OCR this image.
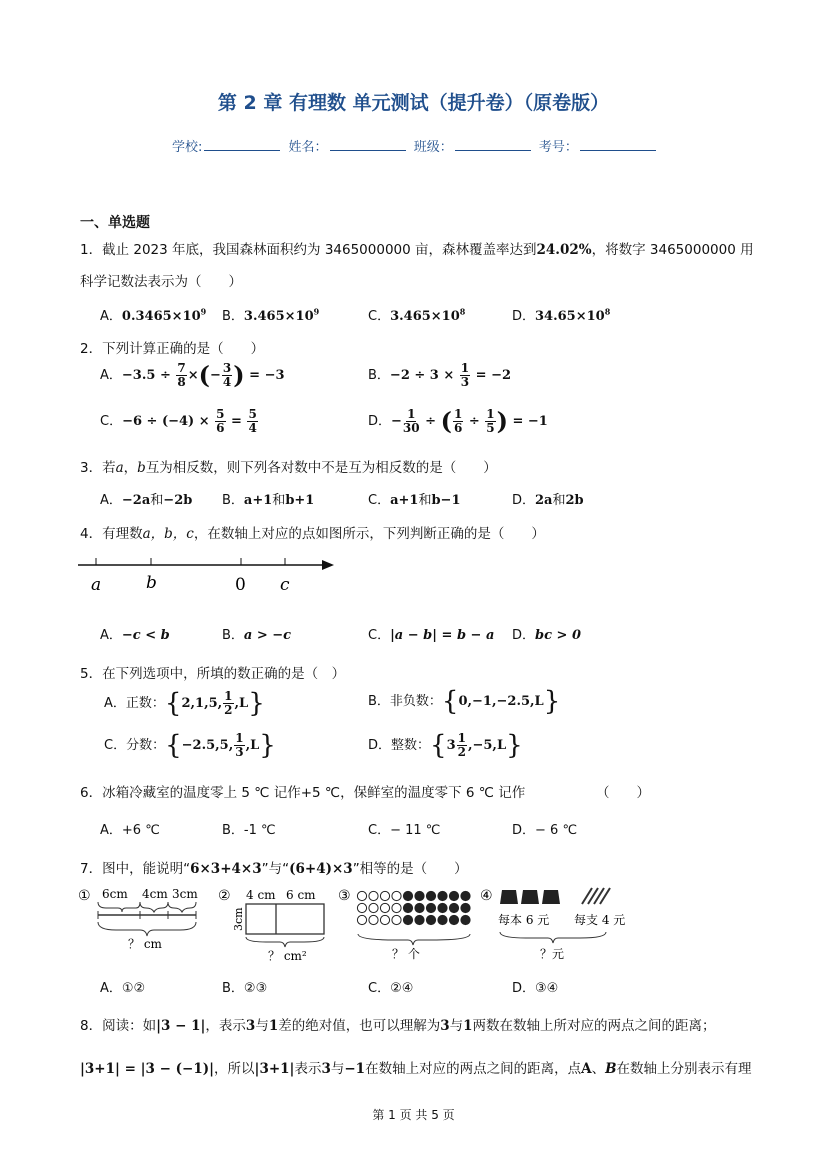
第 2 章 有理数 单元测试（提升卷）（原卷版）
学校:	姓名：	班级：	考号：
一、单选题
1．截止 2023 年底，我国森林面积约为 3465000000 亩，森林覆盖率达到24.02%，将数字 3465000000 用
科学记数法表示为（　　）
A．$0.3465\times 10^9$ B．$3.465\times 10^9$	C．$3.465\times 10^8$	D．$34.65\times 10^8$
2．下列计算正确的是（　　）
A．$-3.5 \div \frac{7}{8}$ ×(− $\frac{3}{4}$ ) = −3	B．$-2 \div 3 \times \frac{1}{3} = -2$
C．$-6 \div (-4) \times \frac{5}{6} = \frac{5}{4}$	D．− $\frac{1}{30}$ ÷ ( $\frac{1}{6} \div \frac{1}{5}$ ) = −1
3．若a，b互为相反数，则下列各对数中不是互为相反数的是（　　）
A．−2a和−2b B．a+1和b+1	C．a+1和b−1	D．2a和2b
4．有理数a，b，c，在数轴上对应的点如图所示，下列判断正确的是（　　）
a	b	0 c
A．−c < b	B．a > −c	C．|a − b| = b − a D．bc > 0
5．在下列选项中，所填的数正确的是（　）
A．正数：{2,1,5, $\frac{1}{2} ,L$}	B．非负数：{0,−1,−2.5,L}
C．分数：{−2.5,5, $\frac{1}{3} ,L$}	D．整数：$\{3 \frac{1}{2} ,-5,L\}$
6．冰箱冷藏室的温度零上 5 ℃ 记作+5 ℃，保鲜室的温度零下 6 ℃ 记作	（　　）
A．+6 ℃	B．-1 ℃	C．− 11 ℃	D．− 6 ℃
7．图中，能说明“6×3+4×3”与“(6+4)×3”相等的是（　　）
① 6cm 4cm 3cm
？ cm
② 4 cm 6 cm
3cm
？ cm²
③
？ 个
④
每本 6 元 每支 4 元
？元
A．①②	B．②③	C．②④	D．③④
8．阅读：如|3 − 1|，表示3与1差的绝对值，也可以理解为3与1两数在数轴上所对应的两点之间的距离；
|3+1| = |3 − (−1)|，所以|3+1|表示3与−1在数轴上对应的两点之间的距离，点A、B在数轴上分别表示有理
第 1 页 共 5 页
